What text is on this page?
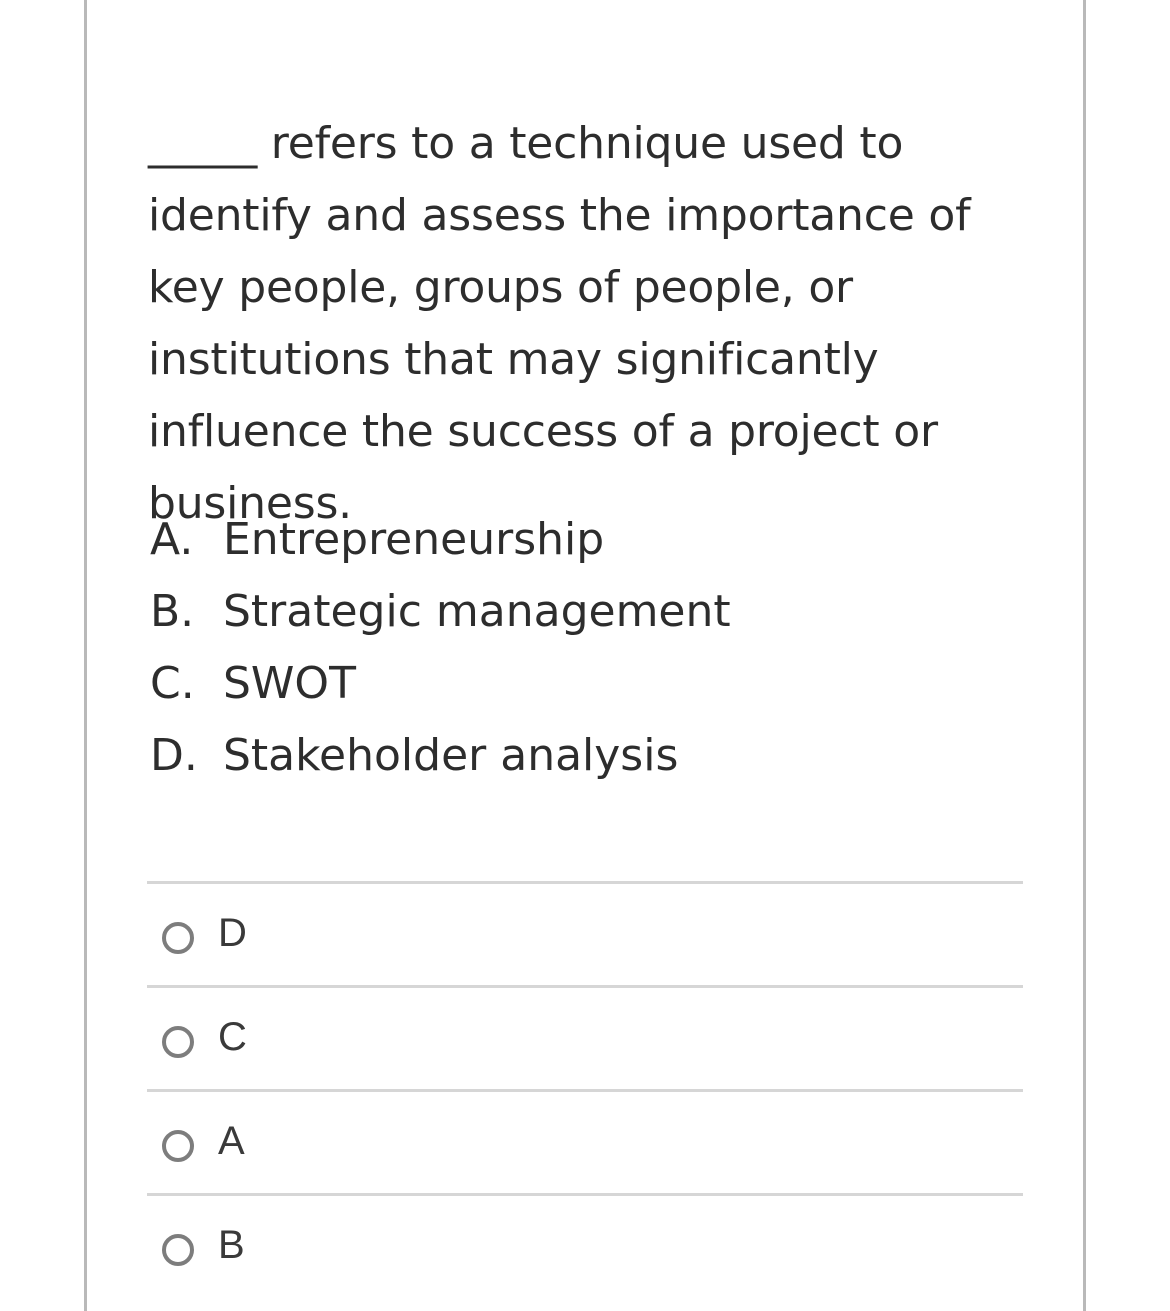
_____ refers to a technique used to identify and assess the importance of key people, groups of people, or institutions that may significantly influence the success of a project or business.

A. Entrepreneurship
B. Strategic management
C. SWOT
D. Stakeholder analysis
D
C
A
B
